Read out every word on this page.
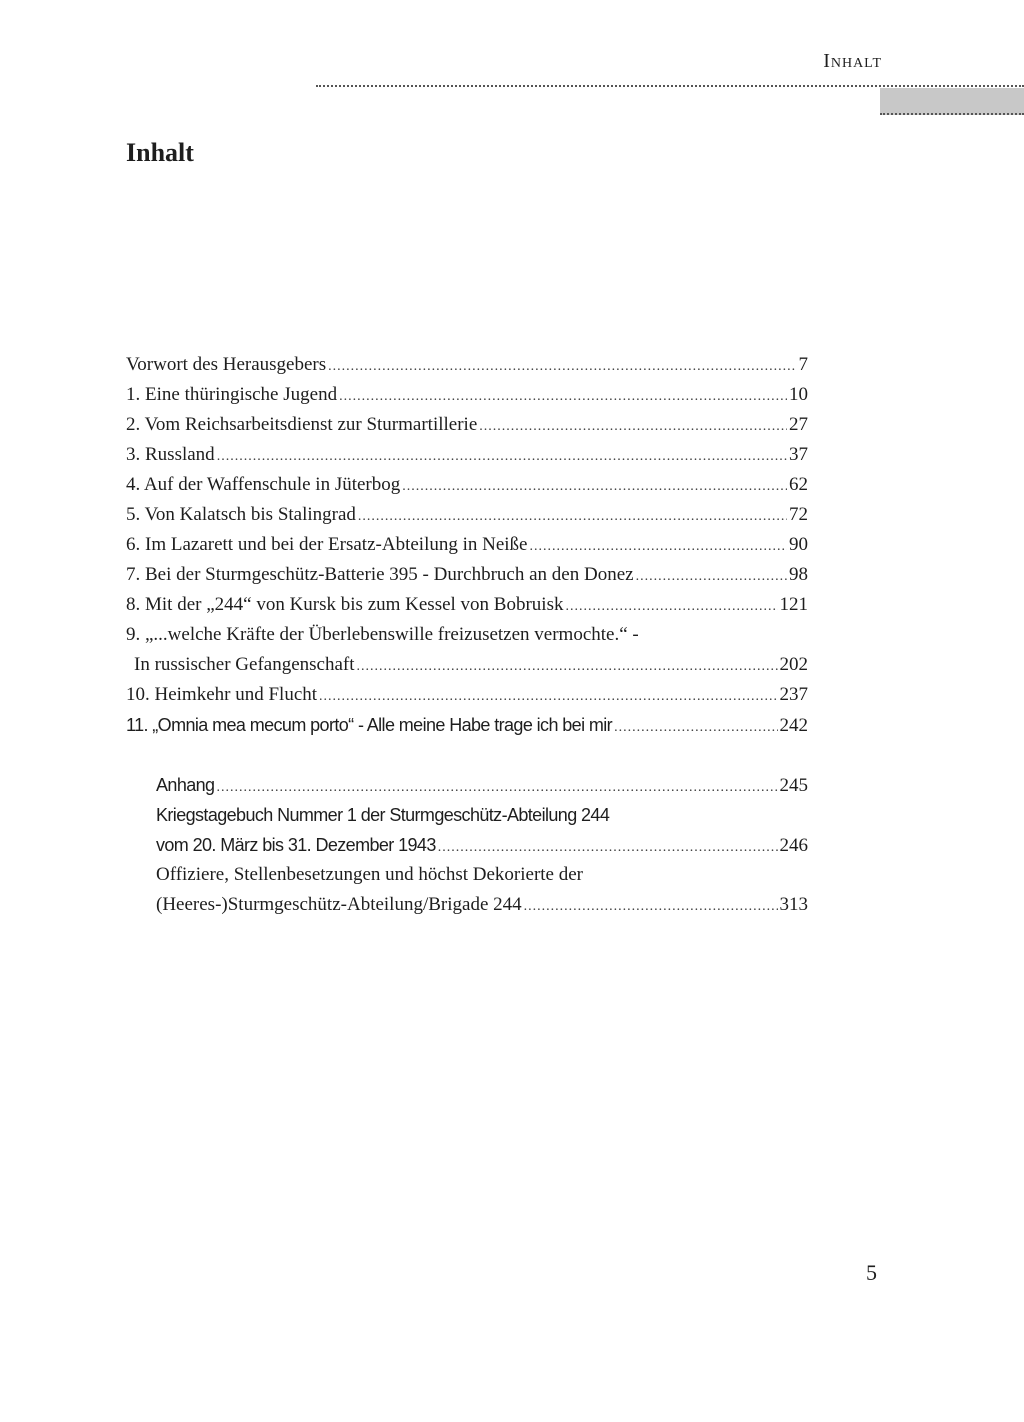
Inhalt
Inhalt
Vorwort des Herausgebers .....	7
1. Eine thüringische Jugend .....	10
2. Vom Reichsarbeitsdienst zur Sturmartillerie .....	27
3. Russland .....	37
4. Auf der Waffenschule in Jüterbog .....	62
5. Von Kalatsch bis Stalingrad .....	72
6. Im Lazarett und bei der Ersatz-Abteilung in Neiße .....	90
7. Bei der Sturmgeschütz-Batterie 395 - Durchbruch an den Donez .....	98
8. Mit der „244“ von Kursk bis zum Kessel von Bobruisk .....	121
9. „...welche Kräfte der Überlebenswille freizusetzen vermochte.“ -
In russischer Gefangenschaft .....	202
10. Heimkehr und Flucht .....	237
11. „Omnia mea mecum porto“ - Alle meine Habe trage ich bei mir .....	242
Anhang .....	245
Kriegstagebuch Nummer 1 der Sturmgeschütz-Abteilung 244
vom 20. März bis 31. Dezember 1943 .....	246
Offiziere, Stellenbesetzungen und höchst Dekorierte der
(Heeres-)Sturmgeschütz-Abteilung/Brigade 244 .....	313
5
